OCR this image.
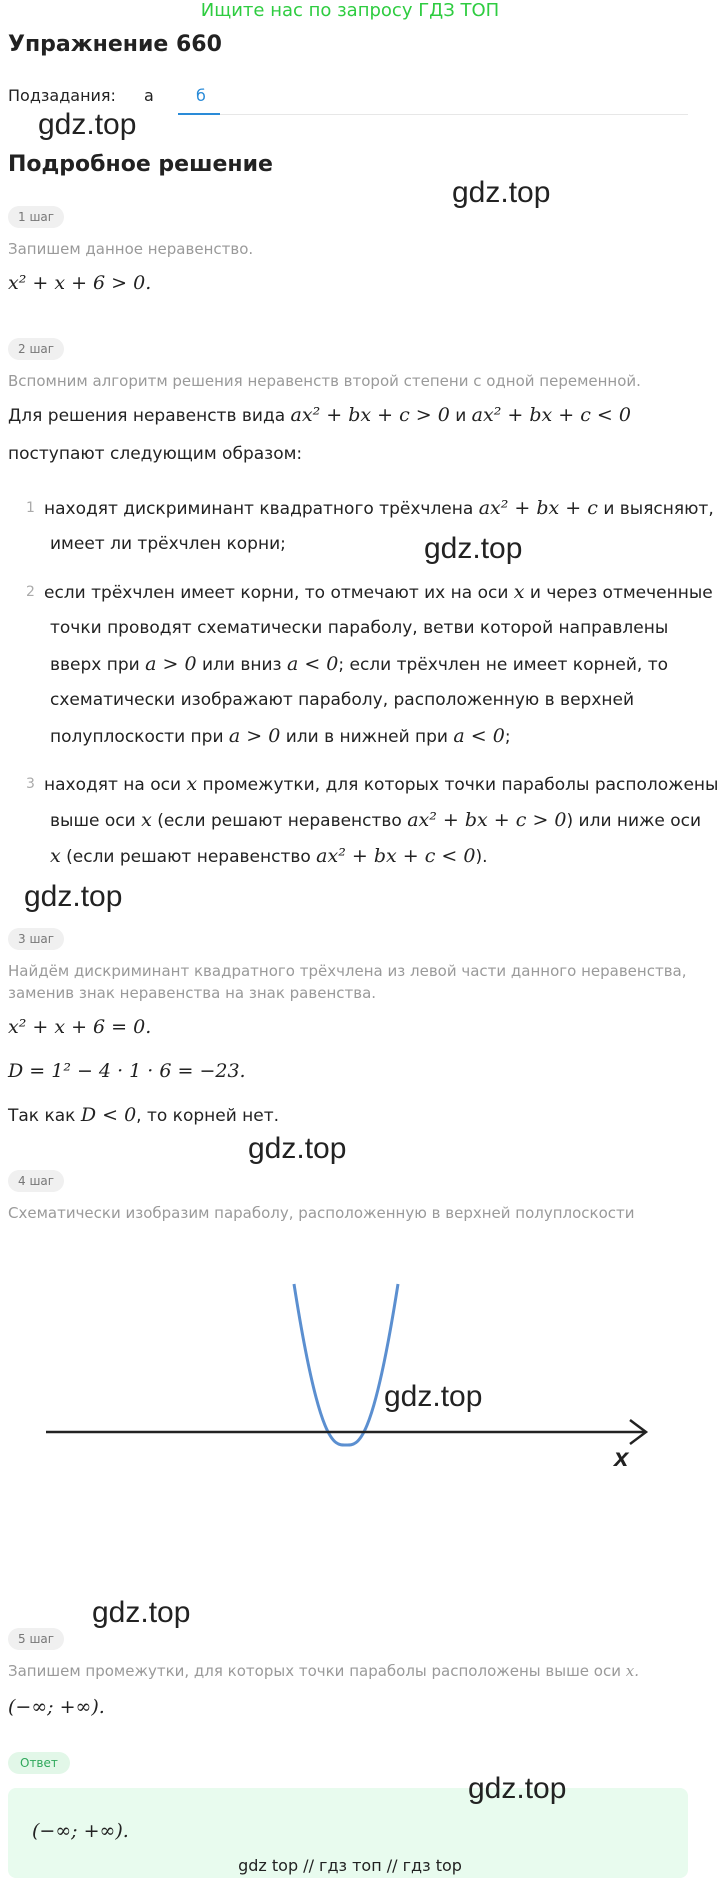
Ищите нас по запросу ГДЗ ТОП
Упражнение 660
Подзадания: а	б
gdz.top
Подробное решение
gdz.top
1 шаг
Запишем данное неравенство.
x² + x + 6 > 0.
2 шаг
Вспомним алгоритм решения неравенств второй степени с одной переменной.
Для решения неравенств вида ax² + bx + c > 0 и ax² + bx + c < 0
поступают следующим образом:
1 находят дискриминант квадратного трёхчлена ax² + bx + c и выясняют,
имеет ли трёхчлен корни;	gdz.top
2 если трёхчлен имеет корни, то отмечают их на оси x и через отмеченные
точки проводят схематически параболу, ветви которой направлены
вверх при a > 0 или вниз a < 0; если трёхчлен не имеет корней, то
схематически изображают параболу, расположенную в верхней
полуплоскости при a > 0 или в нижней при a < 0;
3 находят на оси x промежутки, для которых точки параболы расположены
выше оси x (если решают неравенство ax² + bx + c > 0) или ниже оси
x (если решают неравенство ax² + bx + c < 0).
gdz.top
3 шаг
Найдём дискриминант квадратного трёхчлена из левой части данного неравенства,
заменив знак неравенства на знак равенства.
x² + x + 6 = 0.
D = 1² − 4 · 1 · 6 = −23.
Так как D < 0, то корней нет.
gdz.top
4 шаг
Схематически изобразим параболу, расположенную в верхней полуплоскости
x
gdz.top
gdz.top
5 шаг
Запишем промежутки, для которых точки параболы расположены выше оси x.
(−∞; +∞).
Ответ
gdz.top
(−∞; +∞).
gdz top // гдз топ // гдз top
